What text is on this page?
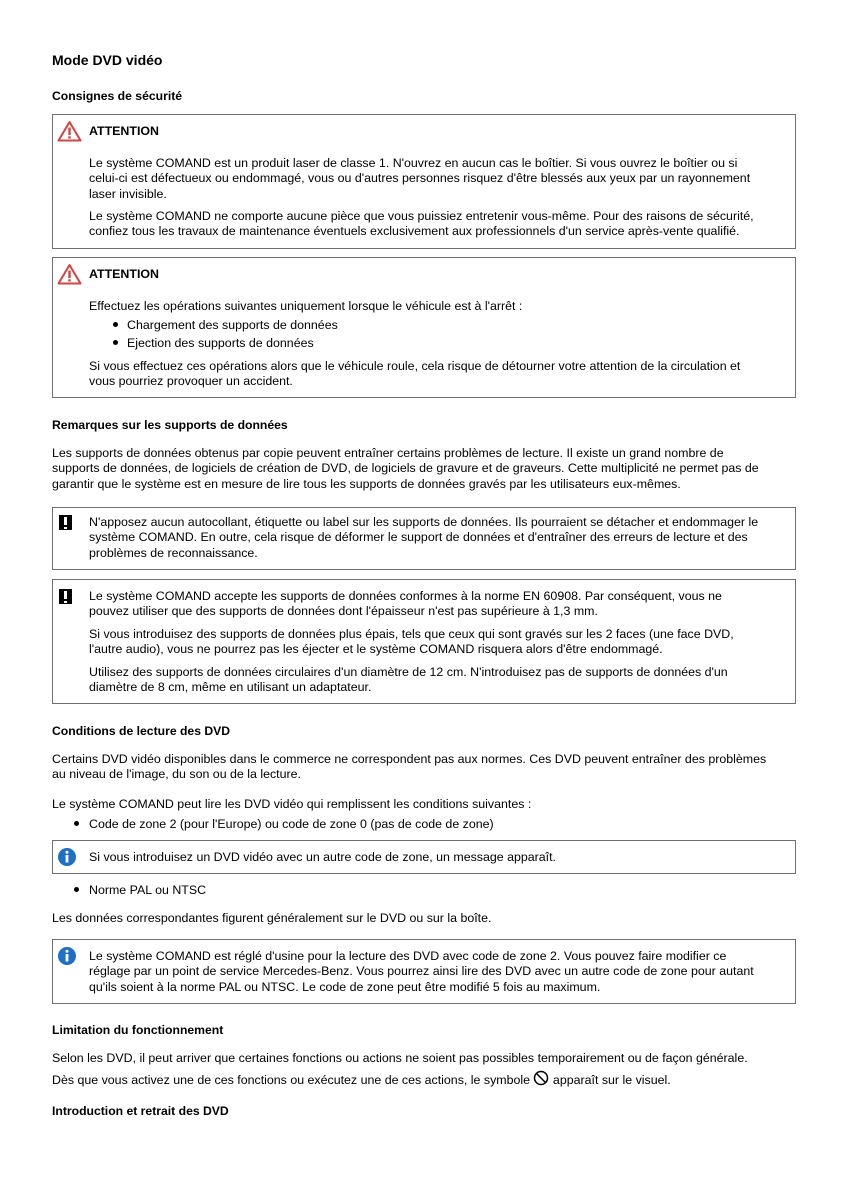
Mode DVD vidéo
Consignes de sécurité
ATTENTION
Le système COMAND est un produit laser de classe 1. N'ouvrez en aucun cas le boîtier. Si vous ouvrez le boîtier ou si
celui-ci est défectueux ou endommagé, vous ou d'autres personnes risquez d'être blessés aux yeux par un rayonnement
laser invisible.
Le système COMAND ne comporte aucune pièce que vous puissiez entretenir vous-même. Pour des raisons de sécurité,
confiez tous les travaux de maintenance éventuels exclusivement aux professionnels d'un service après-vente qualifié.
ATTENTION
Effectuez les opérations suivantes uniquement lorsque le véhicule est à l'arrêt :
Chargement des supports de données
Ejection des supports de données
Si vous effectuez ces opérations alors que le véhicule roule, cela risque de détourner votre attention de la circulation et
vous pourriez provoquer un accident.
Remarques sur les supports de données
Les supports de données obtenus par copie peuvent entraîner certains problèmes de lecture. Il existe un grand nombre de
supports de données, de logiciels de création de DVD, de logiciels de gravure et de graveurs. Cette multiplicité ne permet pas de
garantir que le système est en mesure de lire tous les supports de données gravés par les utilisateurs eux-mêmes.
N'apposez aucun autocollant, étiquette ou label sur les supports de données. Ils pourraient se détacher et endommager le
système COMAND. En outre, cela risque de déformer le support de données et d'entraîner des erreurs de lecture et des
problèmes de reconnaissance.
Le système COMAND accepte les supports de données conformes à la norme EN 60908. Par conséquent, vous ne
pouvez utiliser que des supports de données dont l'épaisseur n'est pas supérieure à 1,3 mm.
Si vous introduisez des supports de données plus épais, tels que ceux qui sont gravés sur les 2 faces (une face DVD,
l'autre audio), vous ne pourrez pas les éjecter et le système COMAND risquera alors d'être endommagé.
Utilisez des supports de données circulaires d'un diamètre de 12 cm. N'introduisez pas de supports de données d'un
diamètre de 8 cm, même en utilisant un adaptateur.
Conditions de lecture des DVD
Certains DVD vidéo disponibles dans le commerce ne correspondent pas aux normes. Ces DVD peuvent entraîner des problèmes
au niveau de l'image, du son ou de la lecture.
Le système COMAND peut lire les DVD vidéo qui remplissent les conditions suivantes :
Code de zone 2 (pour l'Europe) ou code de zone 0 (pas de code de zone)
Si vous introduisez un DVD vidéo avec un autre code de zone, un message apparaît.
Norme PAL ou NTSC
Les données correspondantes figurent généralement sur le DVD ou sur la boîte.
Le système COMAND est réglé d'usine pour la lecture des DVD avec code de zone 2. Vous pouvez faire modifier ce
réglage par un point de service Mercedes-Benz. Vous pourrez ainsi lire des DVD avec un autre code de zone pour autant
qu'ils soient à la norme PAL ou NTSC. Le code de zone peut être modifié 5 fois au maximum.
Limitation du fonctionnement
Selon les DVD, il peut arriver que certaines fonctions ou actions ne soient pas possibles temporairement ou de façon générale.
Dès que vous activez une de ces fonctions ou exécutez une de ces actions, le symbole apparaît sur le visuel.
Introduction et retrait des DVD
